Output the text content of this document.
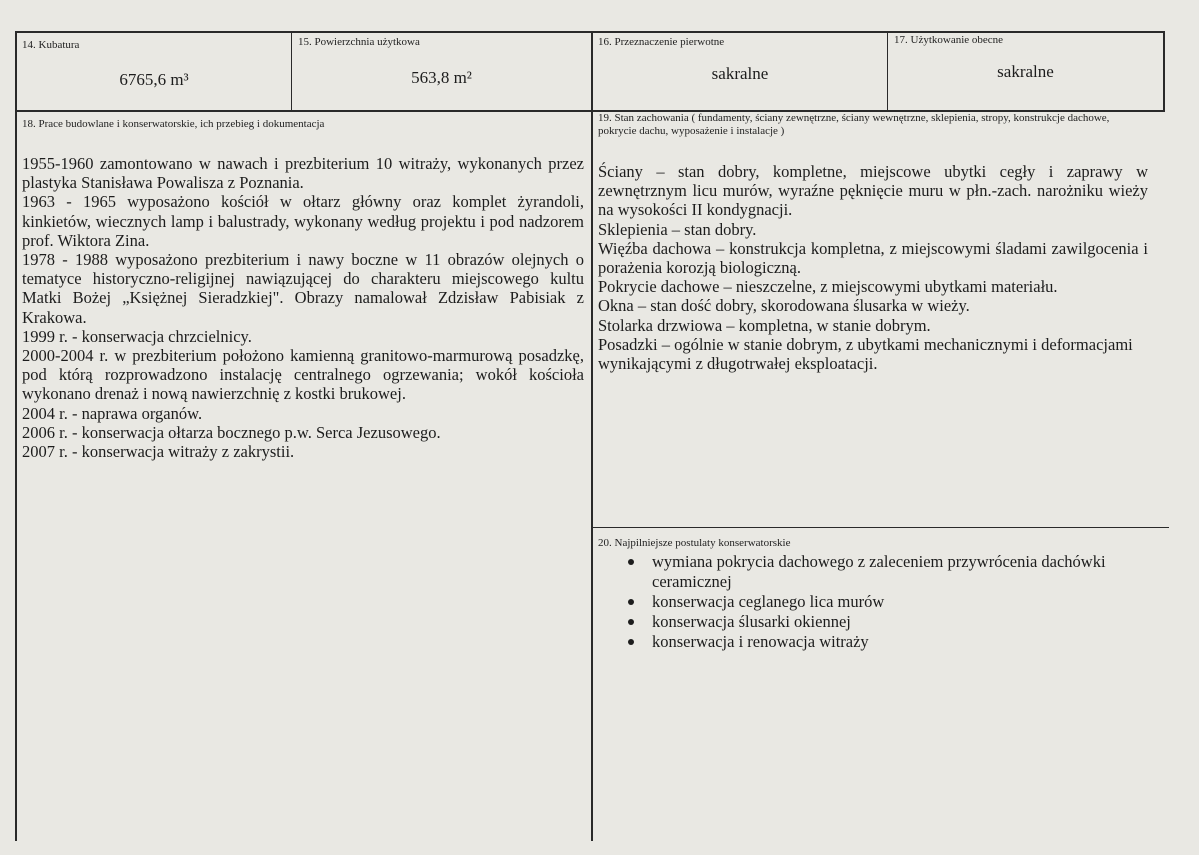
14. Kubatura
6765,6 m³
15. Powierzchnia użytkowa
563,8 m²
16. Przeznaczenie pierwotne
sakralne
17. Użytkowanie obecne
sakralne
18. Prace budowlane i konserwatorskie, ich przebieg i dokumentacja

1955-1960 zamontowano w nawach i prezbiterium 10 witraży, wykonanych przez plastyka Stanisława Powalisza z Poznania.

1963 - 1965 wyposażono kościół w ołtarz główny oraz komplet żyrandoli, kinkietów, wiecznych lamp i balustrady, wykonany według projektu i pod nadzorem prof. Wiktora Zina.

1978 - 1988 wyposażono prezbiterium i nawy boczne w 11 obrazów olejnych o tematyce historyczno-religijnej nawiązującej do charakteru miejscowego kultu Matki Bożej „Księżnej Sieradzkiej". Obrazy namalował Zdzisław Pabisiak z Krakowa.

1999 r. - konserwacja chrzcielnicy.

2000-2004 r. w prezbiterium położono kamienną granitowo-marmurową posadzkę, pod którą rozprowadzono instalację centralnego ogrzewania; wokół kościoła wykonano drenaż i nową nawierzchnię z kostki brukowej.

2004 r. - naprawa organów.

2006 r. - konserwacja ołtarza bocznego p.w. Serca Jezusowego.

2007 r. - konserwacja witraży z zakrystii.

19. Stan zachowania ( fundamenty, ściany zewnętrzne, ściany wewnętrzne, sklepienia, stropy, konstrukcje dachowe, pokrycie dachu, wyposażenie i instalacje )

Ściany – stan dobry, kompletne, miejscowe ubytki cegły i zaprawy w zewnętrznym licu murów, wyraźne pęknięcie muru w płn.-zach. narożniku wieży na wysokości II kondygnacji.

Sklepienia – stan dobry.

Więźba dachowa – konstrukcja kompletna, z miejscowymi śladami zawilgocenia i porażenia korozją biologiczną.

Pokrycie dachowe – nieszczelne, z miejscowymi ubytkami materiału.

Okna – stan dość dobry, skorodowana ślusarka w wieży.

Stolarka drzwiowa – kompletna, w stanie dobrym.

Posadzki – ogólnie w stanie dobrym, z ubytkami mechanicznymi i deformacjami wynikającymi z długotrwałej eksploatacji.

20. Najpilniejsze postulaty konserwatorskie
wymiana pokrycia dachowego z zaleceniem przywrócenia dachówki ceramicznej
konserwacja ceglanego lica murów
konserwacja ślusarki okiennej
konserwacja i renowacja witraży
